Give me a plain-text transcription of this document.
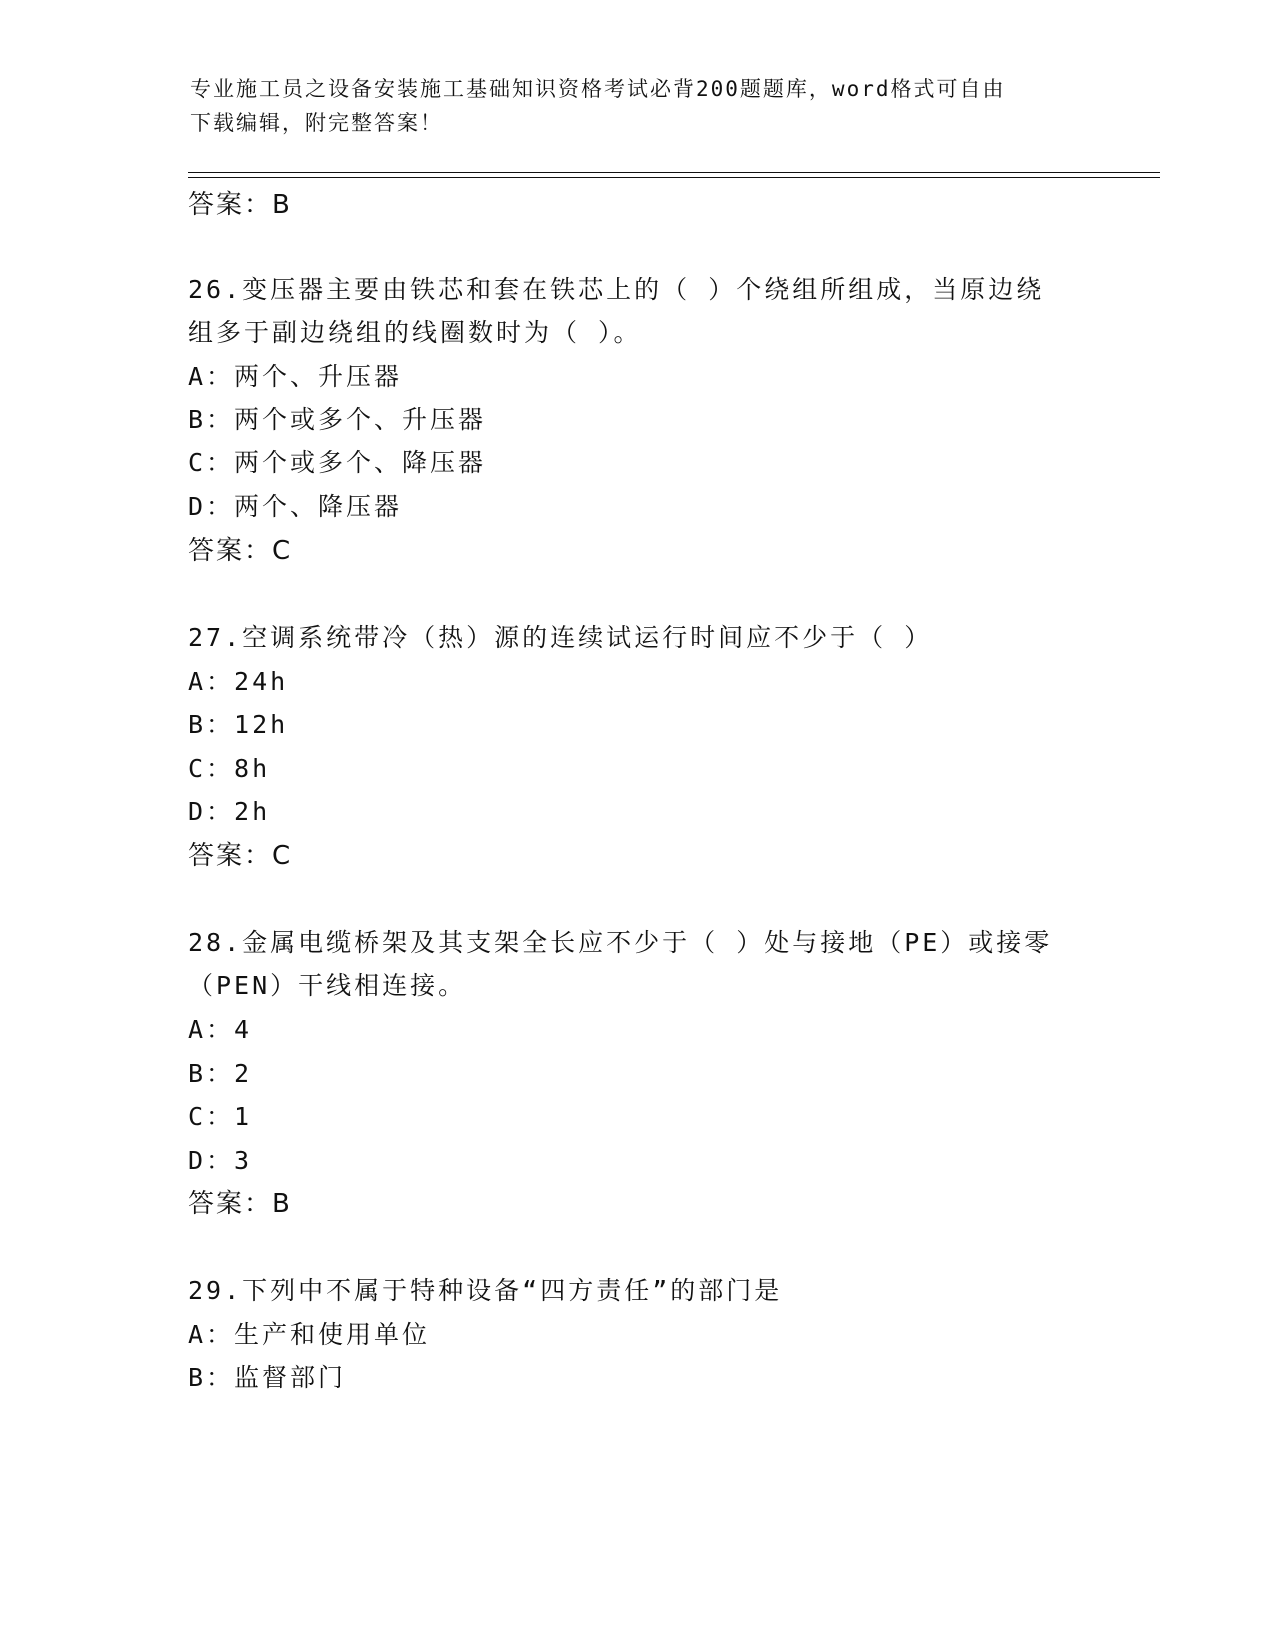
专业施工员之设备安装施工基础知识资格考试必背200题题库，word格式可自由
下载编辑，附完整答案！
答案：B
26.变压器主要由铁芯和套在铁芯上的（ ）个绕组所组成，当原边绕
组多于副边绕组的线圈数时为（ ）。
A：两个、升压器
B：两个或多个、升压器
C：两个或多个、降压器
D：两个、降压器
答案：C
27.空调系统带冷（热）源的连续试运行时间应不少于（ ）
A：24h
B：12h
C：8h
D：2h
答案：C
28.金属电缆桥架及其支架全长应不少于（ ）处与接地（PE）或接零
（PEN）干线相连接。
A：4
B：2
C：1
D：3
答案：B
29.下列中不属于特种设备“四方责任”的部门是
A：生产和使用单位
B：监督部门
